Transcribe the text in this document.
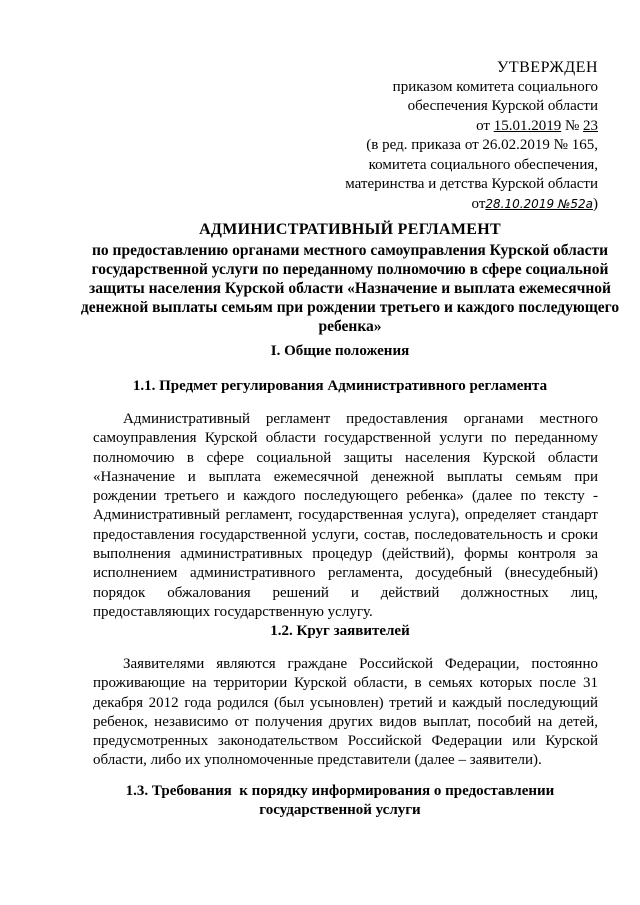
УТВЕРЖДЕН
приказом комитета социального
обеспечения Курской области
от 15.01.2019 № 23
(в ред. приказа от 26.02.2019 № 165,
комитета социального обеспечения,
материнства и детства Курской области
от28.10.2019 №52а)
АДМИНИСТРАТИВНЫЙ РЕГЛАМЕНТ
по предоставлению органами местного самоуправления Курской области государственной услуги по переданному полномочию в сфере социальной защиты населения Курской области «Назначение и выплата ежемесячной денежной выплаты семьям при рождении третьего и каждого последующего ребенка»
I. Общие положения
1.1. Предмет регулирования Административного регламента
Административный регламент предоставления органами местного самоуправления Курской области государственной услуги по переданному полномочию в сфере социальной защиты населения Курской области «Назначение и выплата ежемесячной денежной выплаты семьям при рождении третьего и каждого последующего ребенка» (далее по тексту - Административный регламент, государственная услуга), определяет стандарт предоставления государственной услуги, состав, последовательность и сроки выполнения административных процедур (действий), формы контроля за исполнением административного регламента, досудебный (внесудебный) порядок обжалования решений и действий должностных лиц, предоставляющих государственную услугу.
1.2. Круг заявителей
Заявителями являются граждане Российской Федерации, постоянно проживающие на территории Курской области, в семьях которых после 31 декабря 2012 года родился (был усыновлен) третий и каждый последующий ребенок, независимо от получения других видов выплат, пособий на детей, предусмотренных законодательством Российской Федерации или Курской области, либо их уполномоченные представители (далее – заявители).
1.3. Требования  к порядку информирования о предоставлении
государственной услуги
